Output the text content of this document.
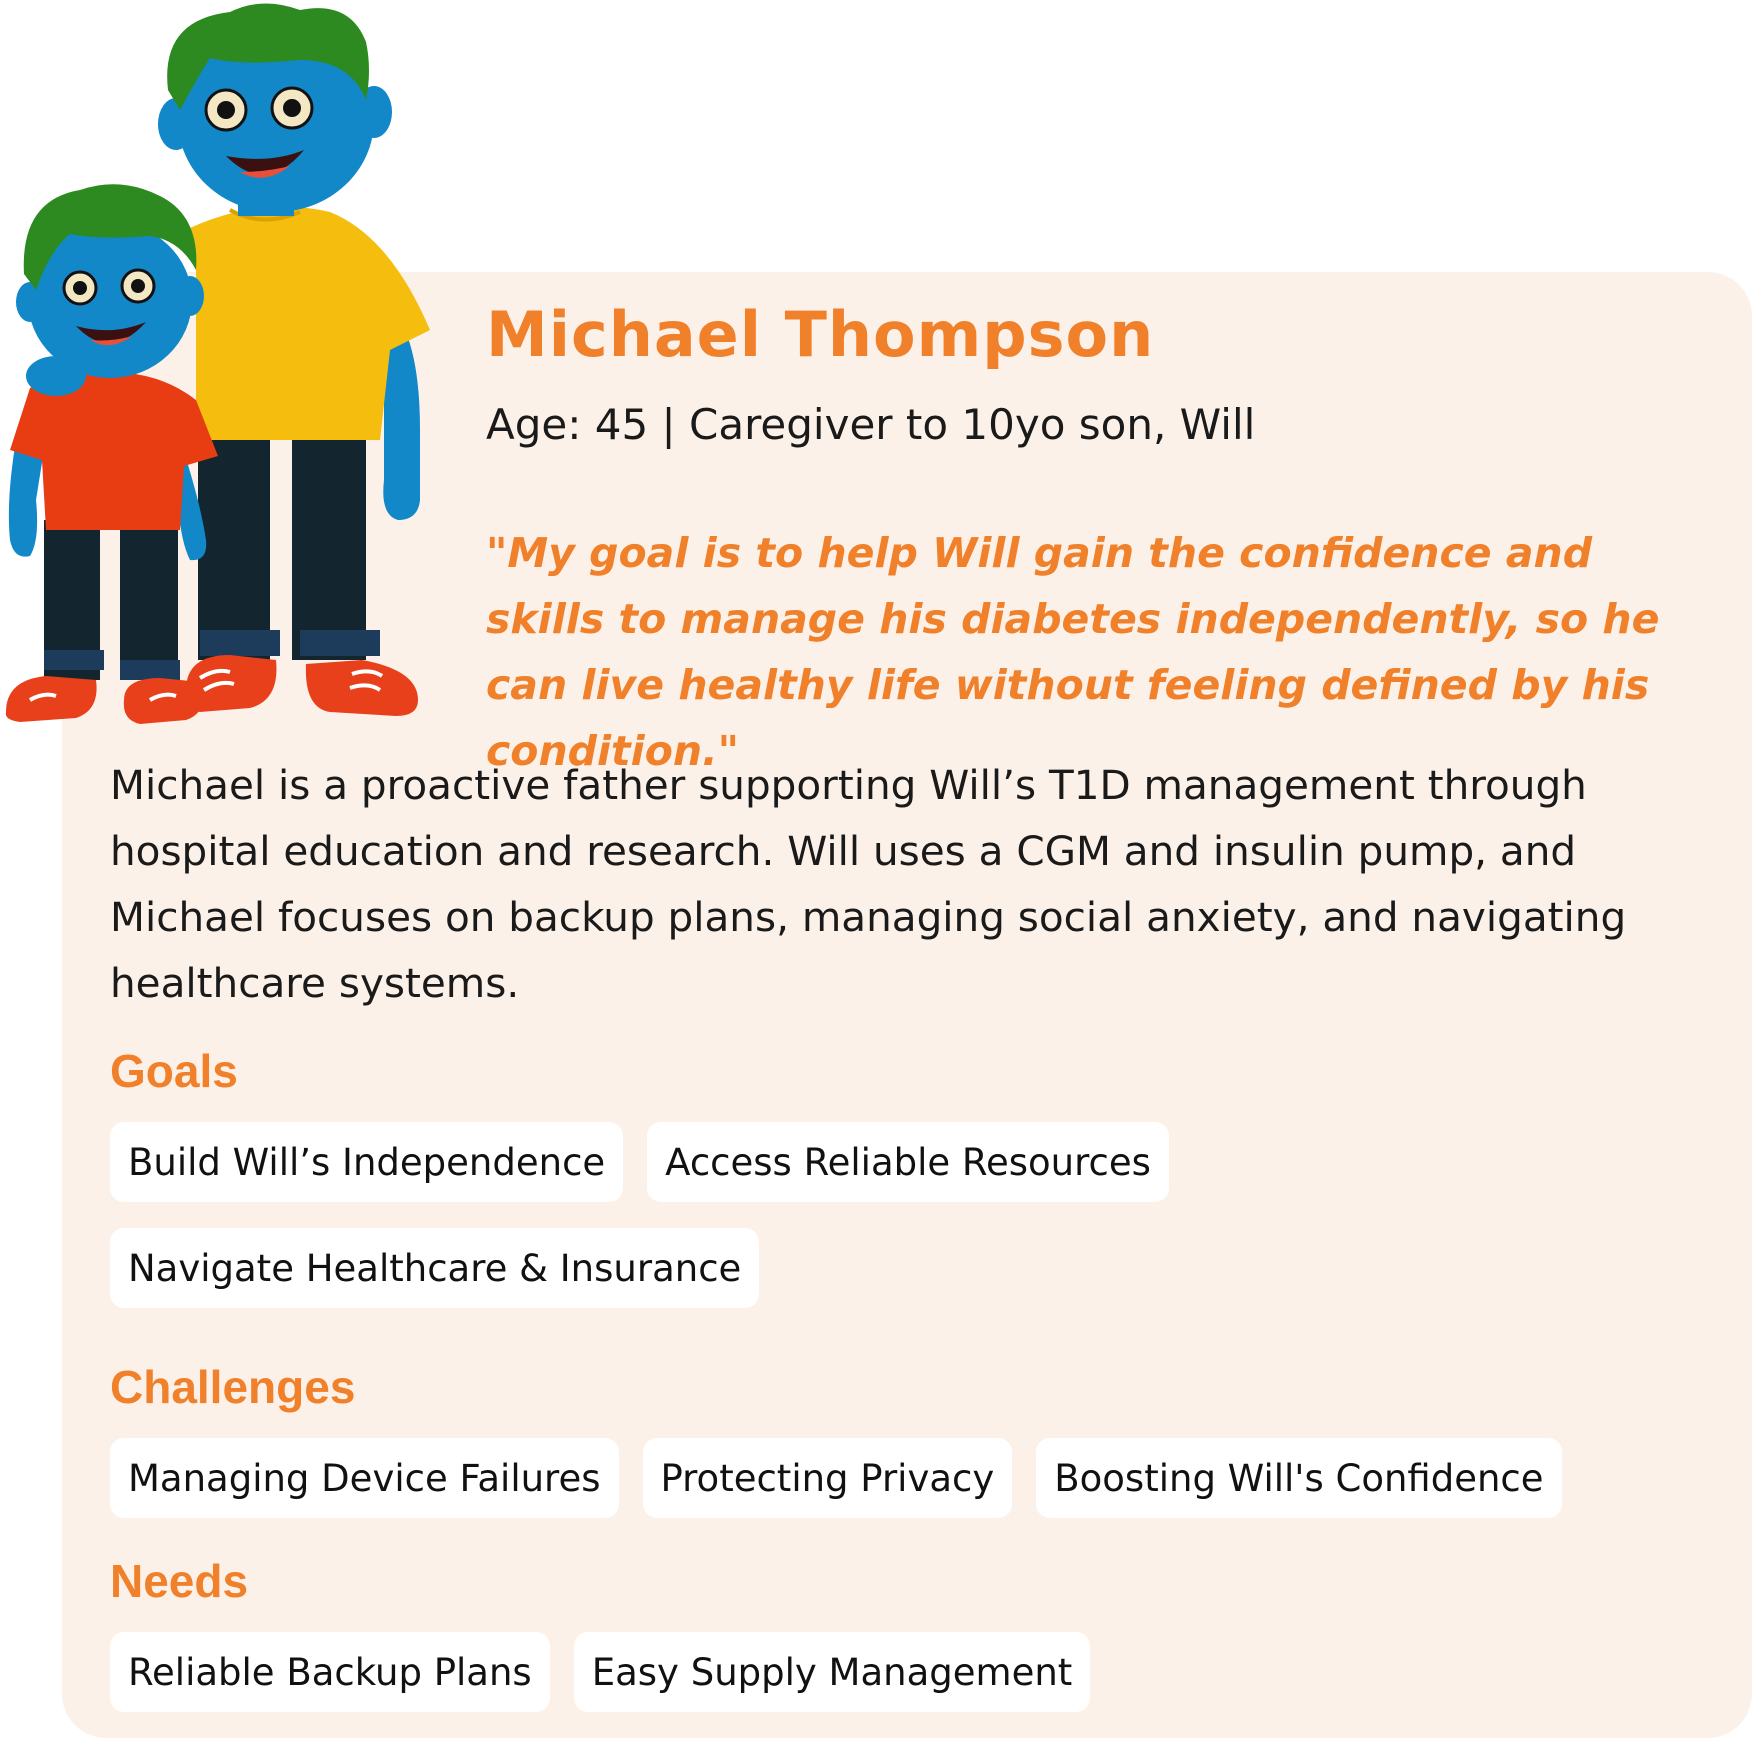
Michael Thompson
Age: 45 | Caregiver to 10yo son, Will
"My goal is to help Will gain the confidence and skills to manage his diabetes independently, so he can live healthy life without feeling defined by his condition."
Michael is a proactive father supporting Will’s T1D management through hospital education and research. Will uses a CGM and insulin pump, and Michael focuses on backup plans, managing social anxiety, and navigating healthcare systems.
Goals
Build Will’s Independence	Access Reliable Resources
Navigate Healthcare & Insurance
Challenges
Managing Device Failures	Protecting Privacy	Boosting Will's Confidence
Needs
Reliable Backup Plans	Easy Supply Management
